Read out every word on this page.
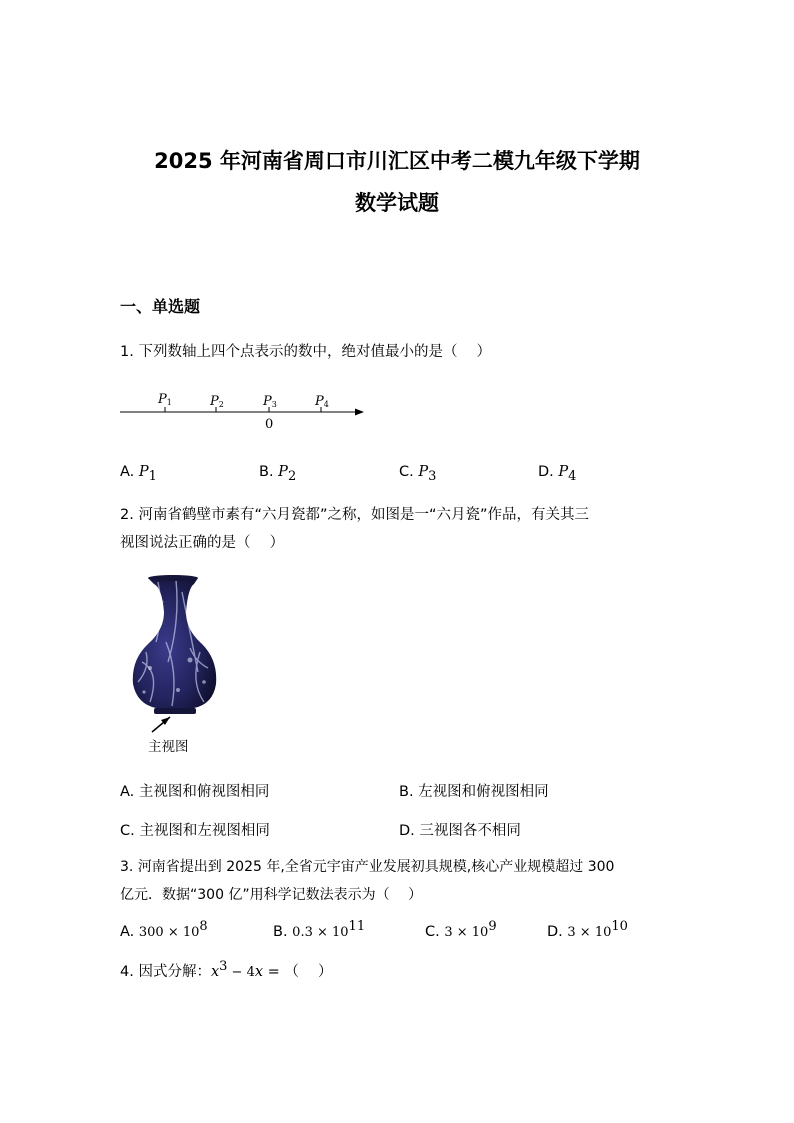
2025 年河南省周口市川汇区中考二模九年级下学期
数学试题
一、单选题
1. 下列数轴上四个点表示的数中，绝对值最小的是（　 ）
P1	P2	P3	P4
0
A. $P_1$	B. $P_2$	C. $P_3$	D. $P_4$
2. 河南省鹤壁市素有“六月瓷都”之称，如图是一“六月瓷”作品，有关其三
视图说法正确的是（　 ）
主视图
A. 主视图和俯视图相同	B. 左视图和俯视图相同
C. 主视图和左视图相同	D. 三视图各不相同
3. 河南省提出到 2025 年,全省元宇宙产业发展初具规模,核心产业规模超过 300
亿元．数据“300 亿”用科学记数法表示为（　 ）
A. $300 \times 10^8$	B. $0.3 \times 10^{11}$	C. $3 \times 10^9$	D. $3 \times 10^{10}$
4. 因式分解：$x^3 - 4x$ = （　 ）
